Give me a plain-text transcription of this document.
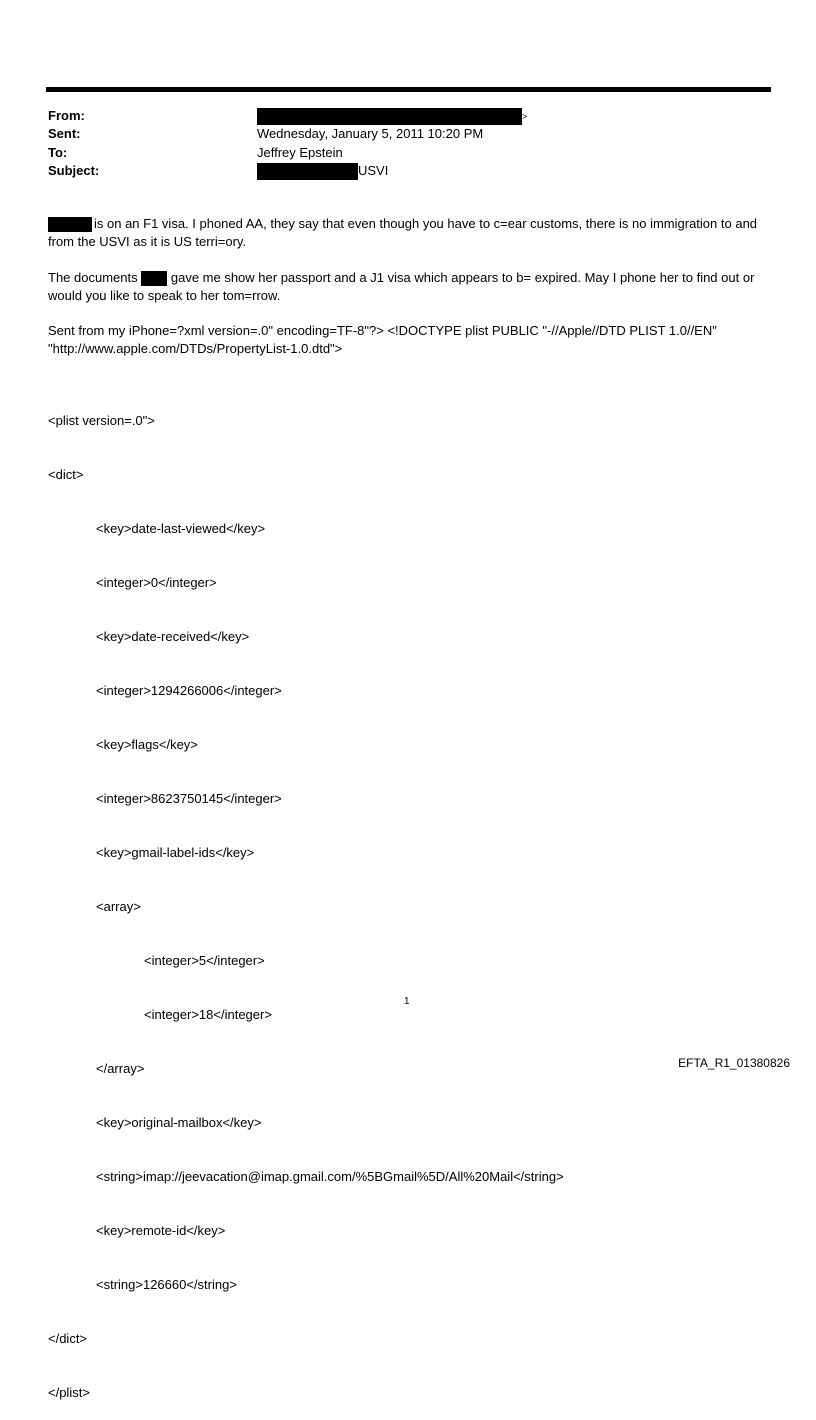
From:	>
Sent:	Wednesday, January 5, 2011 10:20 PM
To:	Jeffrey Epstein
Subject:	USVI
is on an F1 visa. I phoned AA, they say that even though you have to c=ear customs, there is no immigration to and from the USVI as it is US terri=ory.
The documents	gave me show her passport and a J1 visa which appears to b= expired. May I phone her to find out or would you like to speak to her tom=rrow.
Sent from my iPhone=?xml version=.0" encoding=TF-8"?> <!DOCTYPE plist PUBLIC "-//Apple//DTD PLIST 1.0//EN"
"http://www.apple.com/DTDs/PropertyList-1.0.dtd">

<plist version=.0">

<dict>

<key>date-last-viewed</key>

<integer>0</integer>

<key>date-received</key>

<integer>1294266006</integer>

<key>flags</key>

<integer>8623750145</integer>

<key>gmail-label-ids</key>

<array>

<integer>5</integer>

<integer>18</integer>

</array>

<key>original-mailbox</key>

<string>imap://jeevacation@imap.gmail.com/%5BGmail%5D/All%20Mail</string>

<key>remote-id</key>

<string>126660</string>

</dict>

</plist>

1
EFTA_R1_01380826
